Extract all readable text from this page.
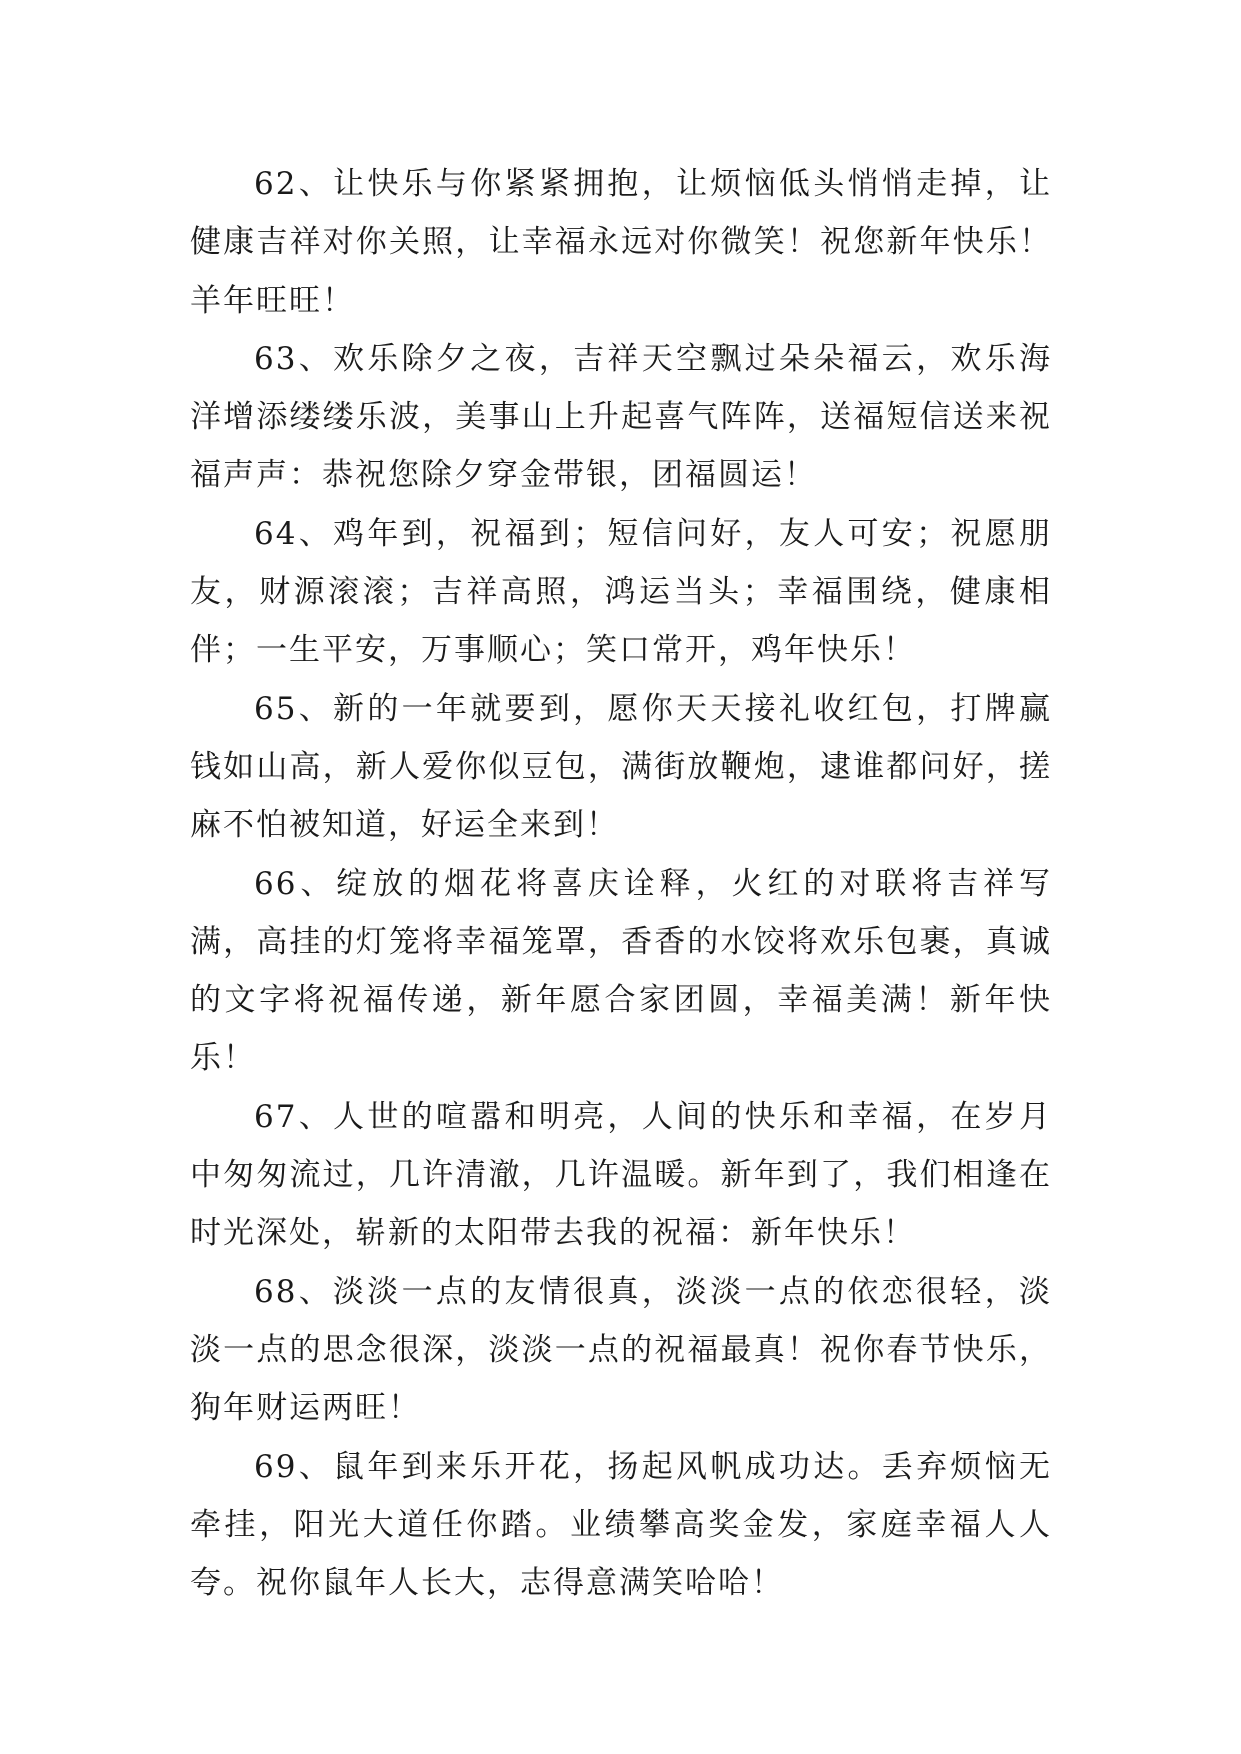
62、让快乐与你紧紧拥抱，让烦恼低头悄悄走掉，让健康吉祥对你关照，让幸福永远对你微笑！祝您新年快乐！羊年旺旺！

63、欢乐除夕之夜，吉祥天空飘过朵朵福云，欢乐海洋增添缕缕乐波，美事山上升起喜气阵阵，送福短信送来祝福声声：恭祝您除夕穿金带银，团福圆运！

64、鸡年到，祝福到；短信问好，友人可安；祝愿朋友，财源滚滚；吉祥高照，鸿运当头；幸福围绕，健康相伴；一生平安，万事顺心；笑口常开，鸡年快乐！

65、新的一年就要到，愿你天天接礼收红包，打牌赢钱如山高，新人爱你似豆包，满街放鞭炮，逮谁都问好，搓麻不怕被知道，好运全来到！

66、绽放的烟花将喜庆诠释，火红的对联将吉祥写满，高挂的灯笼将幸福笼罩，香香的水饺将欢乐包裹，真诚的文字将祝福传递，新年愿合家团圆，幸福美满！新年快乐！

67、人世的喧嚣和明亮，人间的快乐和幸福，在岁月中匆匆流过，几许清澈，几许温暖。新年到了，我们相逢在时光深处，崭新的太阳带去我的祝福：新年快乐！

68、淡淡一点的友情很真，淡淡一点的依恋很轻，淡淡一点的思念很深，淡淡一点的祝福最真！祝你春节快乐，狗年财运两旺！

69、鼠年到来乐开花，扬起风帆成功达。丢弃烦恼无牵挂，阳光大道任你踏。业绩攀高奖金发，家庭幸福人人夸。祝你鼠年人长大，志得意满笑哈哈！
